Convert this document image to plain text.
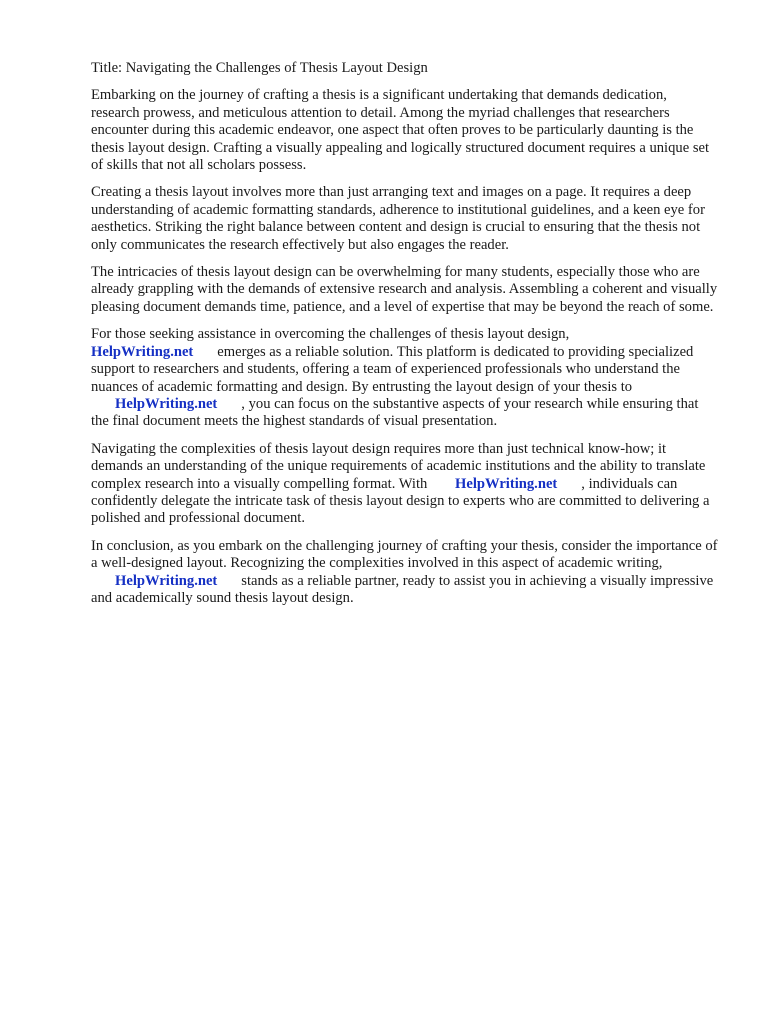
Title: Navigating the Challenges of Thesis Layout Design

Embarking on the journey of crafting a thesis is a significant undertaking that demands dedication, research prowess, and meticulous attention to detail. Among the myriad challenges that researchers encounter during this academic endeavor, one aspect that often proves to be particularly daunting is the thesis layout design. Crafting a visually appealing and logically structured document requires a unique set of skills that not all scholars possess.

Creating a thesis layout involves more than just arranging text and images on a page. It requires a deep understanding of academic formatting standards, adherence to institutional guidelines, and a keen eye for aesthetics. Striking the right balance between content and design is crucial to ensuring that the thesis not only communicates the research effectively but also engages the reader.

The intricacies of thesis layout design can be overwhelming for many students, especially those who are already grappling with the demands of extensive research and analysis. Assembling a coherent and visually pleasing document demands time, patience, and a level of expertise that may be beyond the reach of some.

For those seeking assistance in overcoming the challenges of thesis layout design,
HelpWriting.net emerges as a reliable solution. This platform is dedicated to providing specialized support to researchers and students, offering a team of experienced professionals who understand the nuances of academic formatting and design. By entrusting the layout design of your thesis to HelpWriting.net , you can focus on the substantive aspects of your research while ensuring that the final document meets the highest standards of visual presentation.

Navigating the complexities of thesis layout design requires more than just technical know-how; it demands an understanding of the unique requirements of academic institutions and the ability to translate complex research into a visually compelling format. With HelpWriting.net , individuals can confidently delegate the intricate task of thesis layout design to experts who are committed to delivering a polished and professional document.

In conclusion, as you embark on the challenging journey of crafting your thesis, consider the importance of a well-designed layout. Recognizing the complexities involved in this aspect of academic writing, HelpWriting.net stands as a reliable partner, ready to assist you in achieving a visually impressive and academically sound thesis layout design.
